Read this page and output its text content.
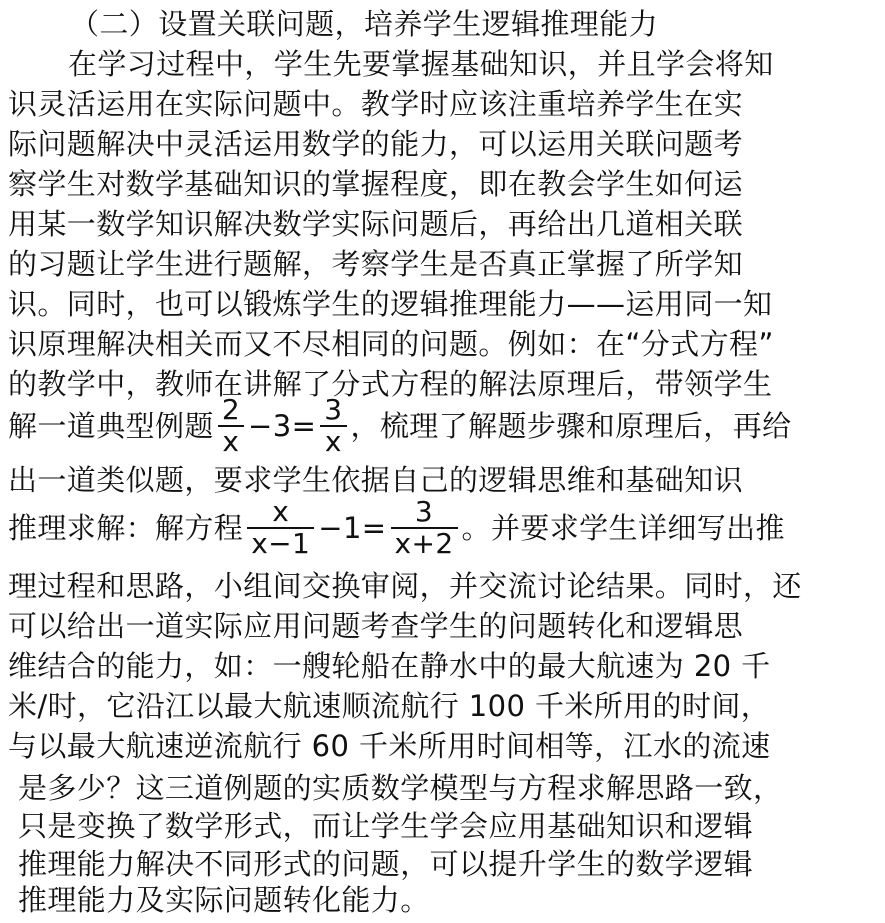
（二）设置关联问题，培养学生逻辑推理能力
在学习过程中，学生先要掌握基础知识，并且学会将知
识灵活运用在实际问题中。教学时应该注重培养学生在实
际问题解决中灵活运用数学的能力，可以运用关联问题考
察学生对数学基础知识的掌握程度，即在教会学生如何运
用某一数学知识解决数学实际问题后，再给出几道相关联
的习题让学生进行题解，考察学生是否真正掌握了所学知
识。同时，也可以锻炼学生的逻辑推理能力——运用同一知
识原理解决相关而又不尽相同的问题。例如：在“分式方程”
的教学中，教师在讲解了分式方程的解法原理后，带领学生
解一道典型例题 $\frac{2}{x} -3= \frac{3}{x}$ ，梳理了解题步骤和原理后，再给
出一道类似题，要求学生依据自己的逻辑思维和基础知识
推理求解：解方程 $\frac{x}{x-1} -1= \frac{3}{x+2}$ 。并要求学生详细写出推
理过程和思路，小组间交换审阅，并交流讨论结果。同时，还
可以给出一道实际应用问题考查学生的问题转化和逻辑思
维结合的能力，如：一艘轮船在静水中的最大航速为 20 千
米/时，它沿江以最大航速顺流航行 100 千米所用的时间，
与以最大航速逆流航行 60 千米所用时间相等，江水的流速
是多少？这三道例题的实质数学模型与方程求解思路一致，
只是变换了数学形式，而让学生学会应用基础知识和逻辑
推理能力解决不同形式的问题，可以提升学生的数学逻辑
推理能力及实际问题转化能力。
